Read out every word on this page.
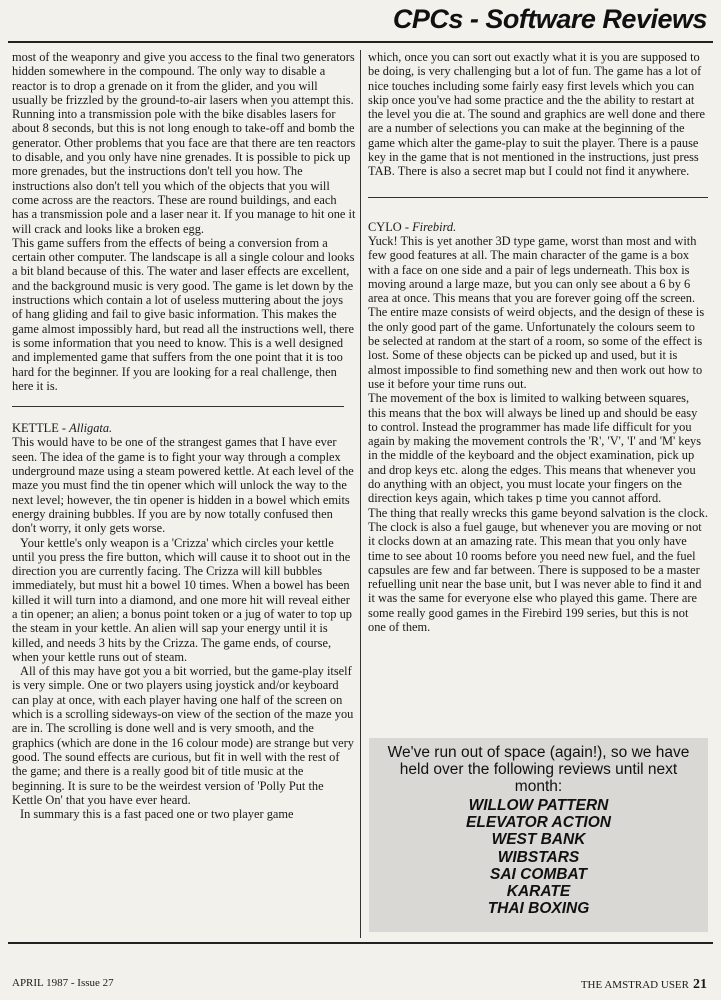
CPCs - Software Reviews

most of the weaponry and give you access to the final two generators hidden somewhere in the compound. The only way to disable a reactor is to drop a grenade on it from the glider, and you will usually be frizzled by the ground-to-air lasers when you attempt this. Running into a transmission pole with the bike disables lasers for about 8 seconds, but this is not long enough to take-off and bomb the generator. Other problems that you face are that there are ten reactors to disable, and you only have nine grenades. It is possible to pick up more grenades, but the instructions don't tell you how. The instructions also don't tell you which of the objects that you will come across are the reactors. These are round buildings, and each has a transmission pole and a laser near it. If you manage to hit one it will crack and looks like a broken egg.

This game suffers from the effects of being a conversion from a certain other computer. The landscape is all a single colour and looks a bit bland because of this. The water and laser effects are excellent, and the background music is very good. The game is let down by the instructions which contain a lot of useless muttering about the joys of hang gliding and fail to give basic information. This makes the game almost impossibly hard, but read all the instructions well, there is some information that you need to know. This is a well designed and implemented game that suffers from the one point that it is too hard for the beginner. If you are looking for a real challenge, then here it is.

KETTLE - Alligata.

This would have to be one of the strangest games that I have ever seen. The idea of the game is to fight your way through a complex underground maze using a steam powered kettle. At each level of the maze you must find the tin opener which will unlock the way to the next level; however, the tin opener is hidden in a bowel which emits energy draining bubbles. If you are by now totally confused then don't worry, it only gets worse.

Your kettle's only weapon is a 'Crizza' which circles your kettle until you press the fire button, which will cause it to shoot out in the direction you are currently facing. The Crizza will kill bubbles immediately, but must hit a bowel 10 times. When a bowel has been killed it will turn into a diamond, and one more hit will reveal either a tin opener; an alien; a bonus point token or a jug of water to top up the steam in your kettle. An alien will sap your energy until it is killed, and needs 3 hits by the Crizza. The game ends, of course, when your kettle runs out of steam.

All of this may have got you a bit worried, but the game-play itself is very simple. One or two players using joystick and/or keyboard can play at once, with each player having one half of the screen on which is a scrolling sideways-on view of the section of the maze you are in. The scrolling is done well and is very smooth, and the graphics (which are done in the 16 colour mode) are strange but very good. The sound effects are curious, but fit in well with the rest of the game; and there is a really good bit of title music at the beginning. It is sure to be the weirdest version of 'Polly Put the Kettle On' that you have ever heard.

In summary this is a fast paced one or two player game

which, once you can sort out exactly what it is you are supposed to be doing, is very challenging but a lot of fun. The game has a lot of nice touches including some fairly easy first levels which you can skip once you've had some practice and the the ability to restart at the level you die at. The sound and graphics are well done and there are a number of selections you can make at the beginning of the game which alter the game-play to suit the player. There is a pause key in the game that is not mentioned in the instructions, just press TAB. There is also a secret map but I could not find it anywhere.

CYLO - Firebird.

Yuck! This is yet another 3D type game, worst than most and with few good features at all. The main character of the game is a box with a face on one side and a pair of legs underneath. This box is moving around a large maze, but you can only see about a 6 by 6 area at once. This means that you are forever going off the screen. The entire maze consists of weird objects, and the design of these is the only good part of the game. Unfortunately the colours seem to be selected at random at the start of a room, so some of the effect is lost. Some of these objects can be picked up and used, but it is almost impossible to find something new and then work out how to use it before your time runs out.

The movement of the box is limited to walking between squares, this means that the box will always be lined up and should be easy to control. Instead the programmer has made life difficult for you again by making the movement controls the 'R', 'V', 'I' and 'M' keys in the middle of the keyboard and the object examination, pick up and drop keys etc. along the edges. This means that whenever you do anything with an object, you must locate your fingers on the direction keys again, which takes p time you cannot afford.

The thing that really wrecks this game beyond salvation is the clock. The clock is also a fuel gauge, but whenever you are moving or not it clocks down at an amazing rate. This mean that you only have time to see about 10 rooms before you need new fuel, and the fuel capsules are few and far between. There is supposed to be a master refuelling unit near the base unit, but I was never able to find it and it was the same for everyone else who played this game. There are some really good games in the Firebird 199 series, but this is not one of them.

We've run out of space (again!), so we have held over the following reviews until next month:
WILLOW PATTERN
ELEVATOR ACTION
WEST BANK
WIBSTARS
SAI COMBAT
KARATE
THAI BOXING
APRIL 1987 - Issue 27	THE AMSTRAD USER 21
